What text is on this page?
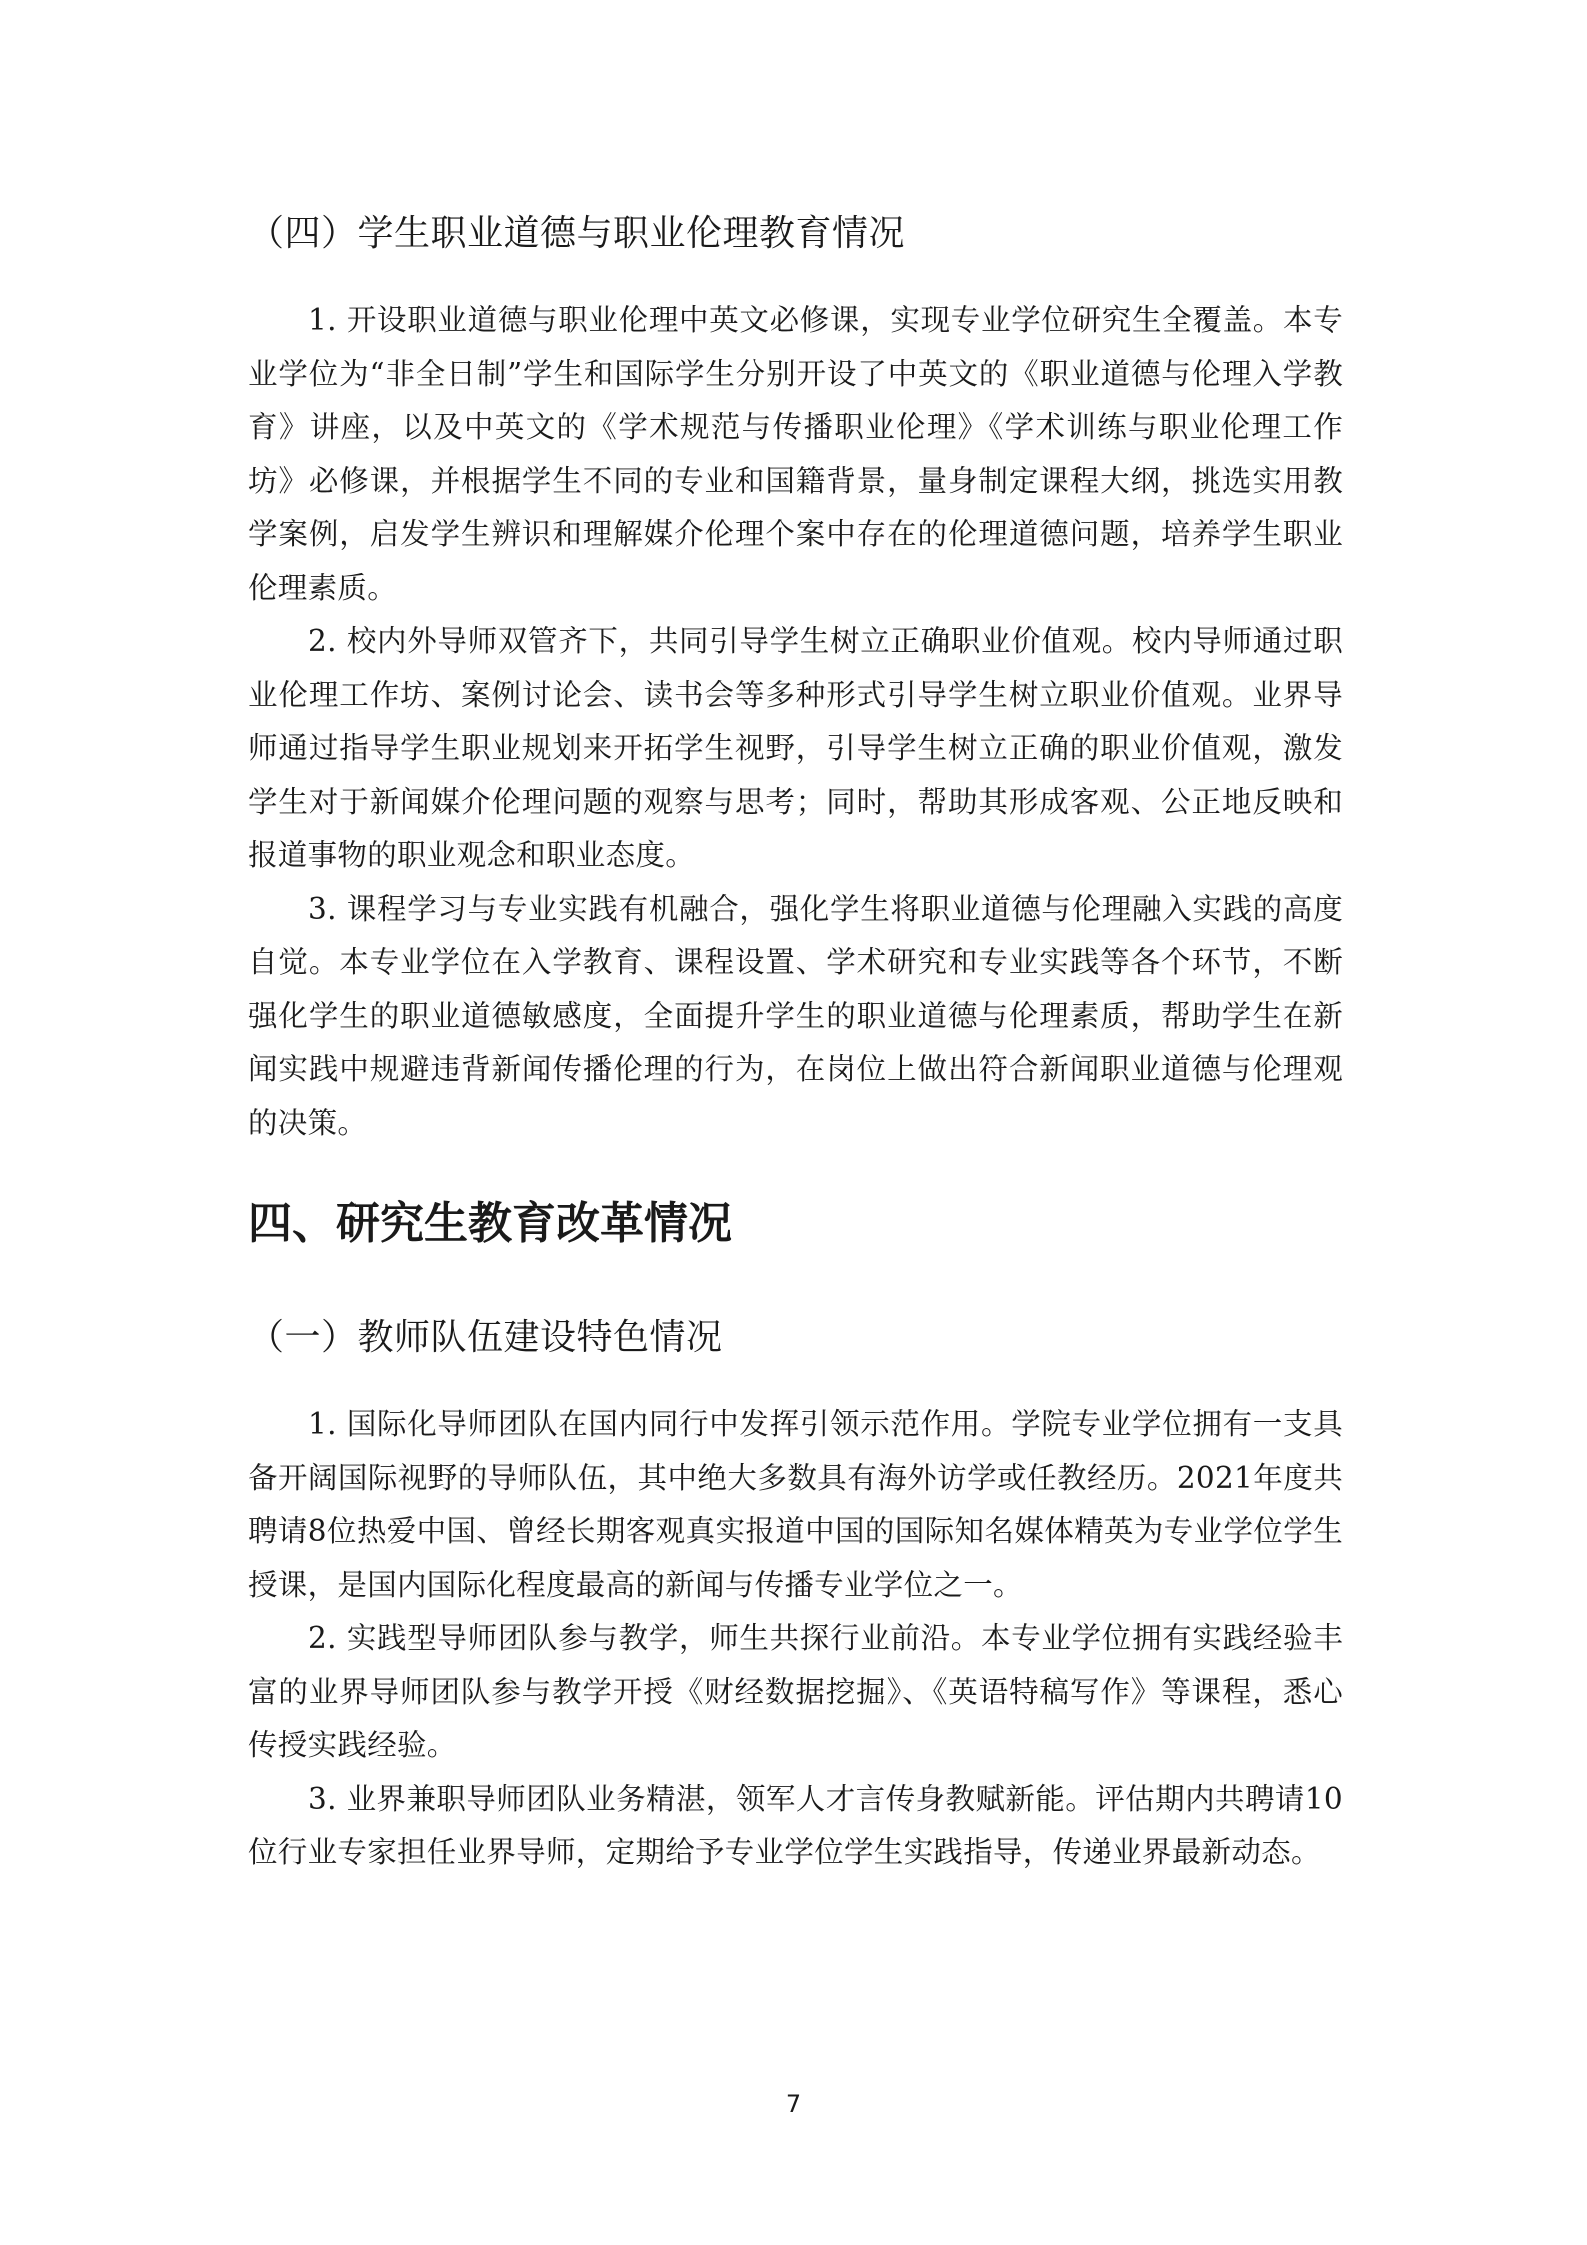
（四）学生职业道德与职业伦理教育情况

1. 开设职业道德与职业伦理中英文必修课，实现专业学位研究生全覆盖。本专业学位为“非全日制”学生和国际学生分别开设了中英文的《职业道德与伦理入学教育》讲座，以及中英文的《学术规范与传播职业伦理》《学术训练与职业伦理工作坊》必修课，并根据学生不同的专业和国籍背景，量身制定课程大纲，挑选实用教学案例，启发学生辨识和理解媒介伦理个案中存在的伦理道德问题，培养学生职业伦理素质。

2. 校内外导师双管齐下，共同引导学生树立正确职业价值观。校内导师通过职业伦理工作坊、案例讨论会、读书会等多种形式引导学生树立职业价值观。业界导师通过指导学生职业规划来开拓学生视野，引导学生树立正确的职业价值观，激发学生对于新闻媒介伦理问题的观察与思考；同时，帮助其形成客观、公正地反映和报道事物的职业观念和职业态度。

3. 课程学习与专业实践有机融合，强化学生将职业道德与伦理融入实践的高度自觉。本专业学位在入学教育、课程设置、学术研究和专业实践等各个环节，不断强化学生的职业道德敏感度，全面提升学生的职业道德与伦理素质，帮助学生在新闻实践中规避违背新闻传播伦理的行为，在岗位上做出符合新闻职业道德与伦理观的决策。

四、研究生教育改革情况
（一）教师队伍建设特色情况

1. 国际化导师团队在国内同行中发挥引领示范作用。学院专业学位拥有一支具备开阔国际视野的导师队伍，其中绝大多数具有海外访学或任教经历。2021年度共聘请8位热爱中国、曾经长期客观真实报道中国的国际知名媒体精英为专业学位学生授课，是国内国际化程度最高的新闻与传播专业学位之一。

2. 实践型导师团队参与教学，师生共探行业前沿。本专业学位拥有实践经验丰富的业界导师团队参与教学开授《财经数据挖掘》、《英语特稿写作》等课程，悉心传授实践经验。

3. 业界兼职导师团队业务精湛，领军人才言传身教赋新能。评估期内共聘请10位行业专家担任业界导师，定期给予专业学位学生实践指导，传递业界最新动态。

7
